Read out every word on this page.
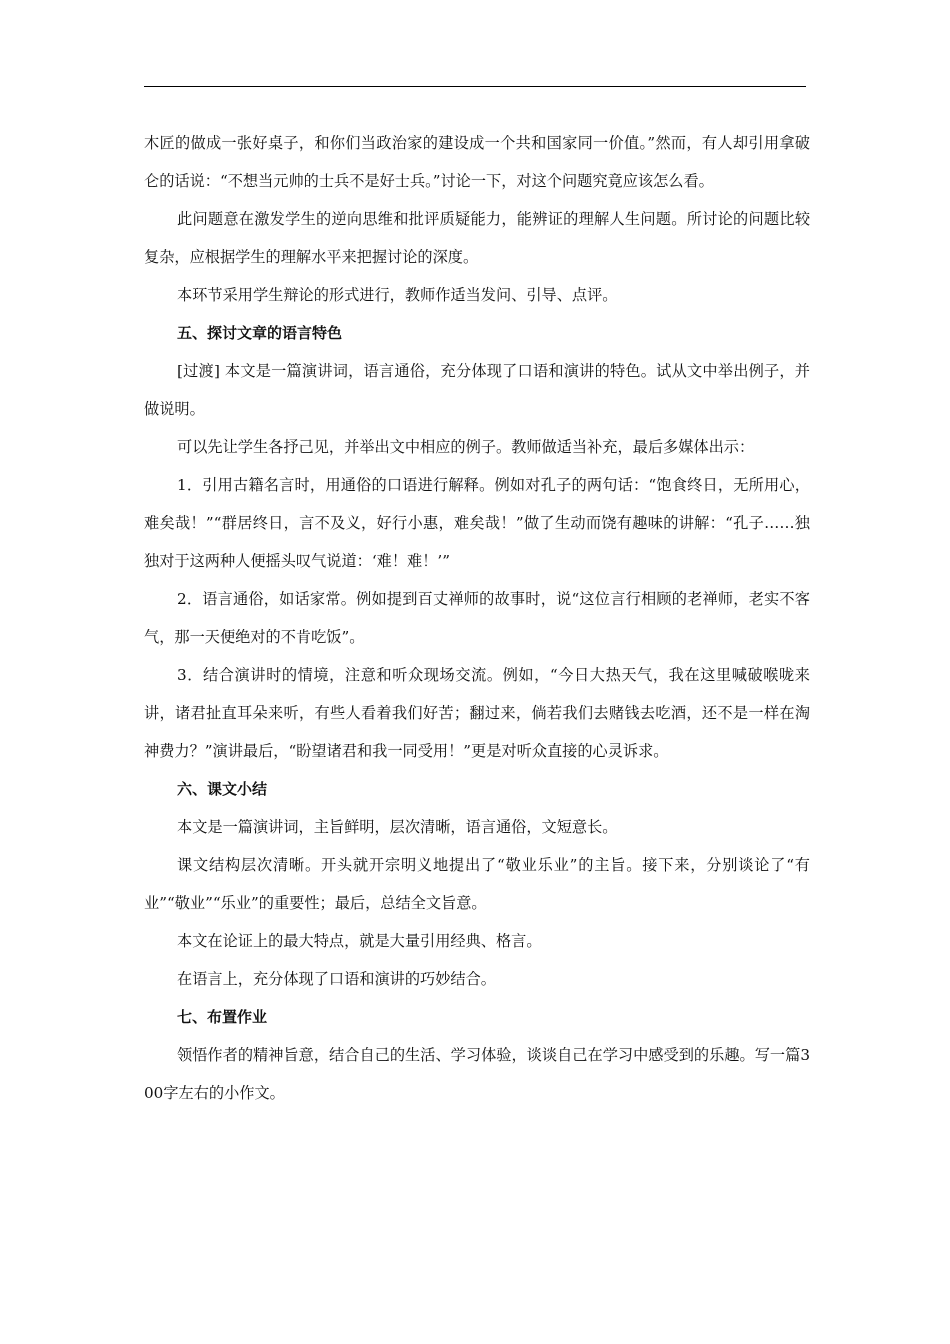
木匠的做成一张好桌子，和你们当政治家的建设成一个共和国家同一价值。”然而，有人却引用拿破仑的话说：“不想当元帅的士兵不是好士兵。”讨论一下，对这个问题究竟应该怎么看。

此问题意在激发学生的逆向思维和批评质疑能力，能辨证的理解人生问题。所讨论的问题比较复杂，应根据学生的理解水平来把握讨论的深度。

本环节采用学生辩论的形式进行，教师作适当发问、引导、点评。

五、探讨文章的语言特色

[过渡] 本文是一篇演讲词，语言通俗，充分体现了口语和演讲的特色。试从文中举出例子，并做说明。

可以先让学生各抒己见，并举出文中相应的例子。教师做适当补充，最后多媒体出示：

1．引用古籍名言时，用通俗的口语进行解释。例如对孔子的两句话：“饱食终日，无所用心，难矣哉！”“群居终日，言不及义，好行小惠，难矣哉！”做了生动而饶有趣味的讲解：“孔子……独独对于这两种人便摇头叹气说道：‘难！难！’”

2．语言通俗，如话家常。例如提到百丈禅师的故事时，说“这位言行相顾的老禅师，老实不客气，那一天便绝对的不肯吃饭”。

3．结合演讲时的情境，注意和听众现场交流。例如，“今日大热天气，我在这里喊破喉咙来讲，诸君扯直耳朵来听，有些人看着我们好苦；翻过来，倘若我们去赌钱去吃酒，还不是一样在淘神费力？”演讲最后，“盼望诸君和我一同受用！”更是对听众直接的心灵诉求。

六、课文小结

本文是一篇演讲词，主旨鲜明，层次清晰，语言通俗，文短意长。

课文结构层次清晰。开头就开宗明义地提出了“敬业乐业”的主旨。接下来，分别谈论了“有业”“敬业”“乐业”的重要性；最后，总结全文旨意。

本文在论证上的最大特点，就是大量引用经典、格言。

在语言上，充分体现了口语和演讲的巧妙结合。

七、布置作业

领悟作者的精神旨意，结合自己的生活、学习体验，谈谈自己在学习中感受到的乐趣。写一篇300字左右的小作文。
